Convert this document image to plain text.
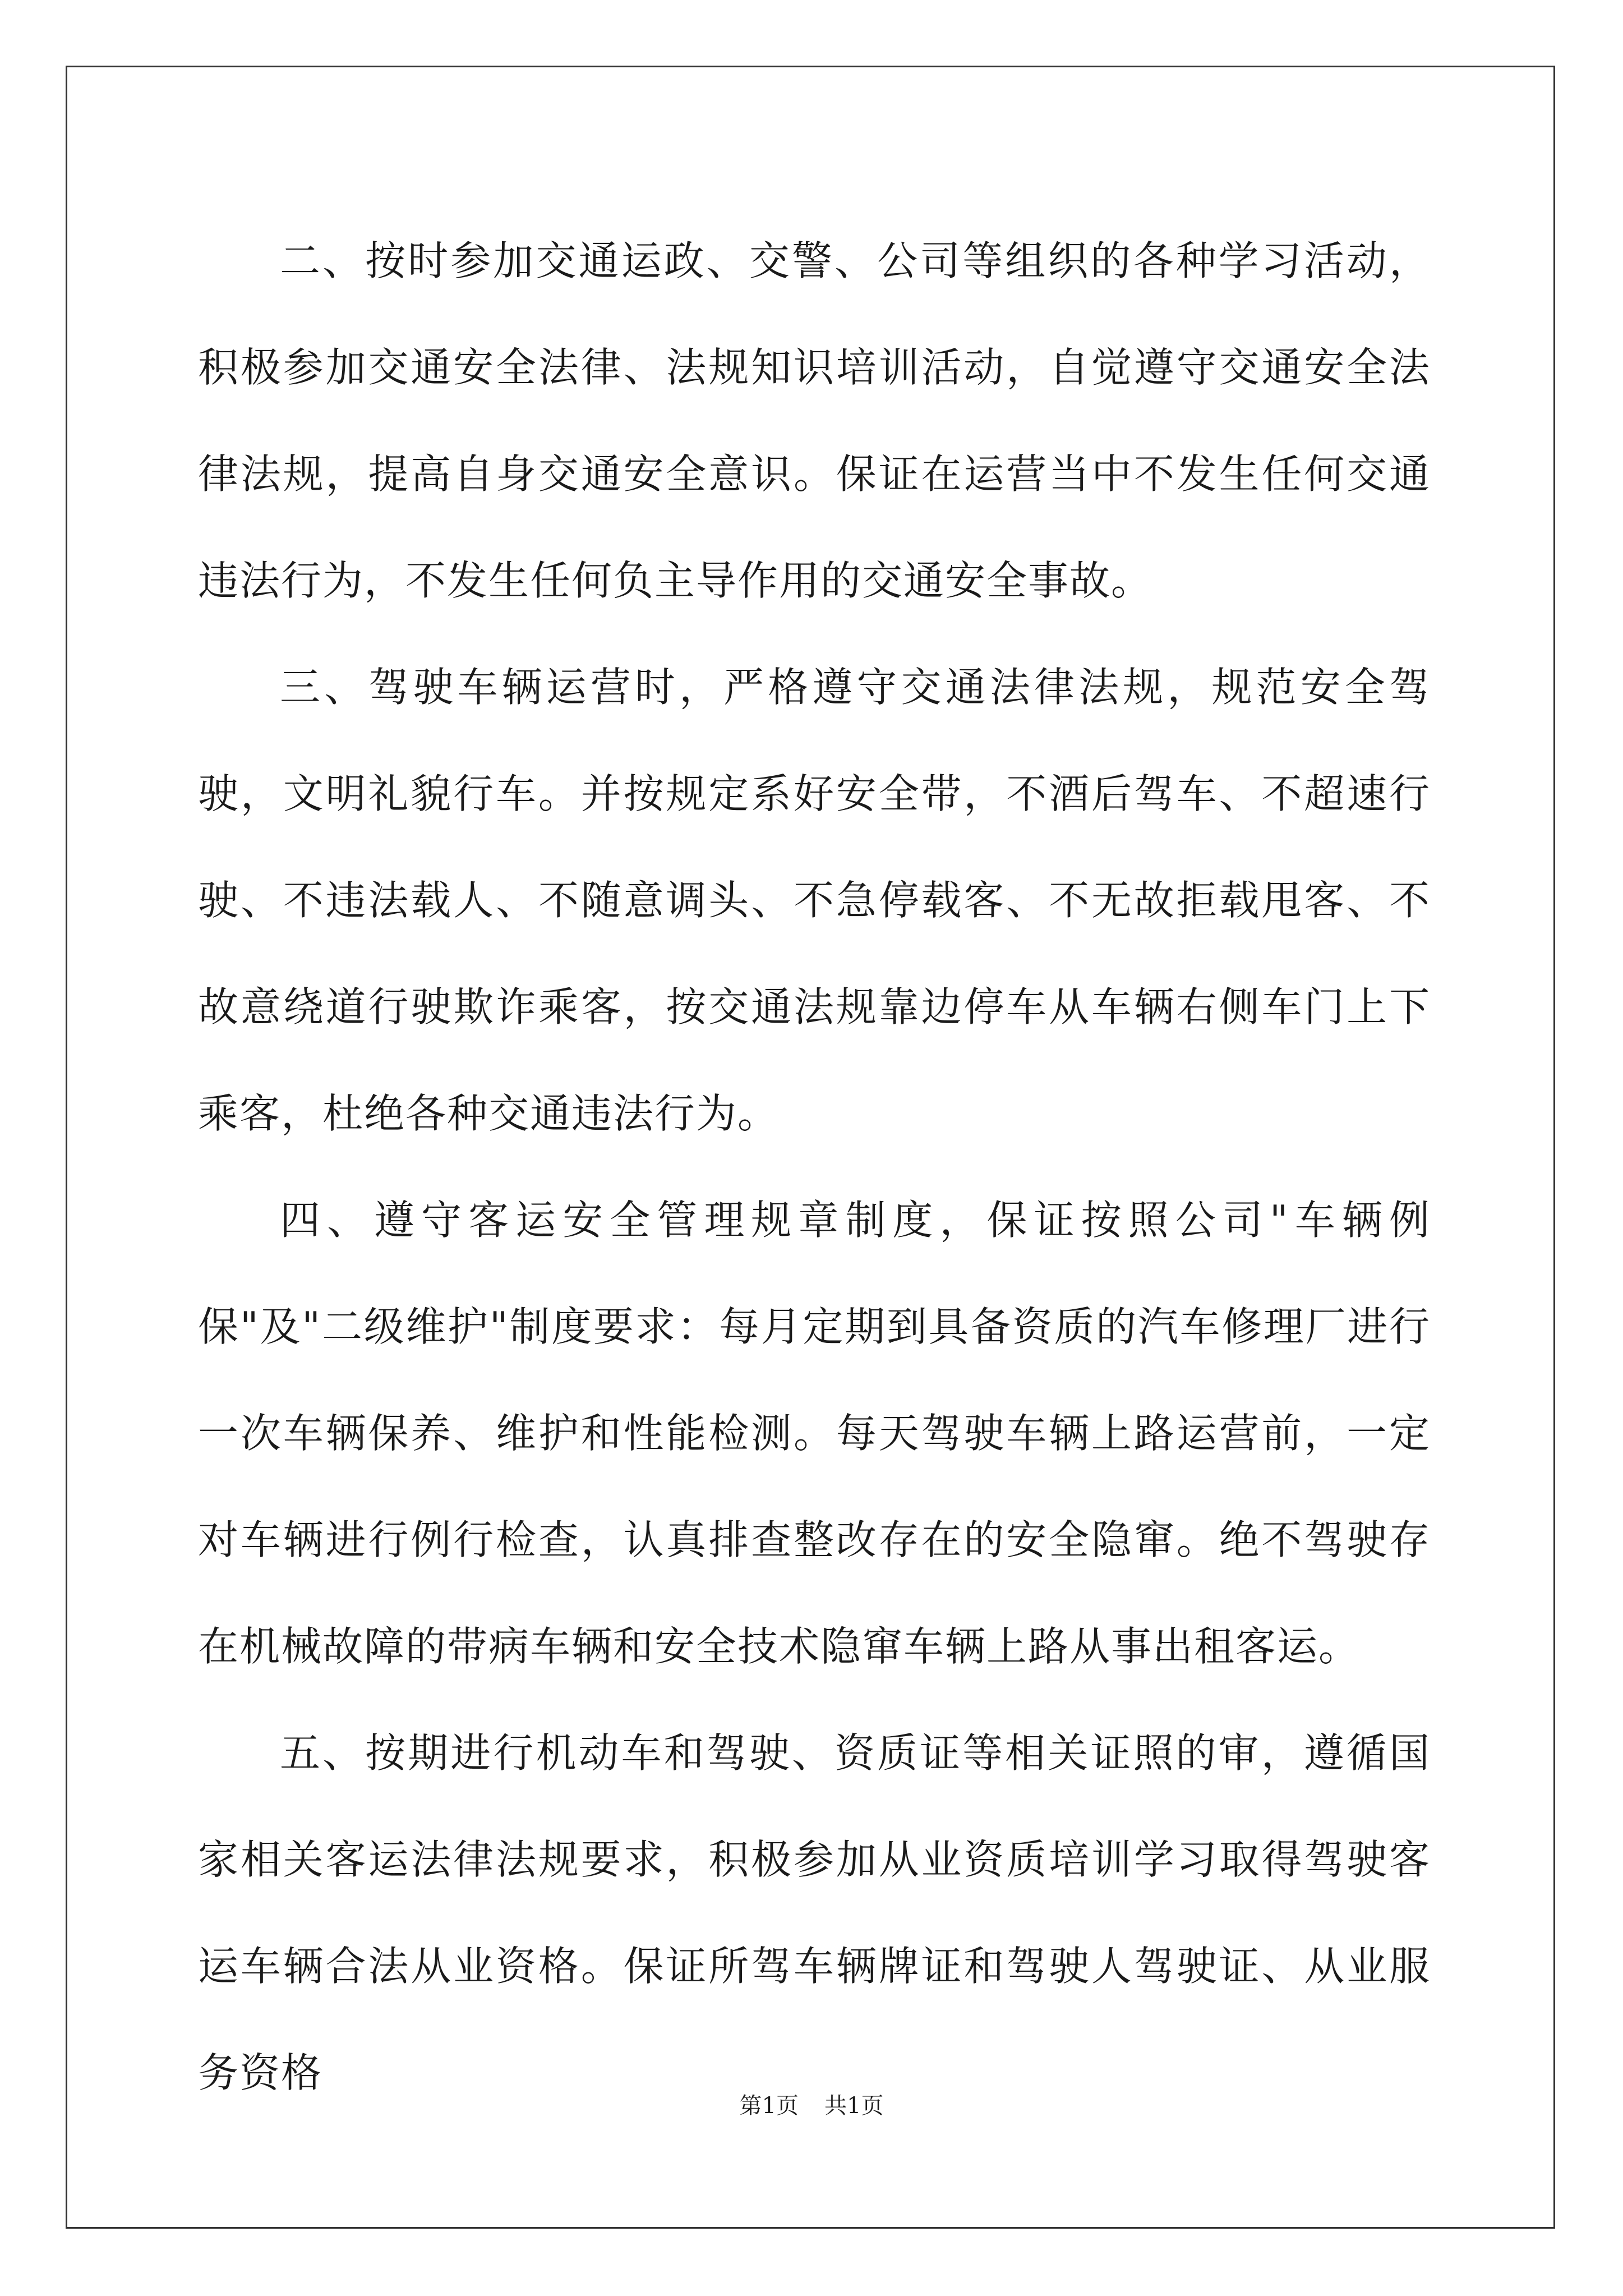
二、按时参加交通运政、交警、公司等组织的各种学习活动，积极参加交通安全法律、法规知识培训活动，自觉遵守交通安全法律法规，提高自身交通安全意识。保证在运营当中不发生任何交通违法行为，不发生任何负主导作用的交通安全事故。

三、驾驶车辆运营时，严格遵守交通法律法规，规范安全驾驶，文明礼貌行车。并按规定系好安全带，不酒后驾车、不超速行驶、不违法载人、不随意调头、不急停载客、不无故拒载甩客、不故意绕道行驶欺诈乘客，按交通法规靠边停车从车辆右侧车门上下乘客，杜绝各种交通违法行为。

四、遵守客运安全管理规章制度，保证按照公司"车辆例保"及"二级维护"制度要求：每月定期到具备资质的汽车修理厂进行一次车辆保养、维护和性能检测。每天驾驶车辆上路运营前，一定对车辆进行例行检查，认真排查整改存在的安全隐窜。绝不驾驶存在机械故障的带病车辆和安全技术隐窜车辆上路从事出租客运。

五、按期进行机动车和驾驶、资质证等相关证照的审，遵循国家相关客运法律法规要求，积极参加从业资质培训学习取得驾驶客运车辆合法从业资格。保证所驾车辆牌证和驾驶人驾驶证、从业服务资格

第1页 共1页
